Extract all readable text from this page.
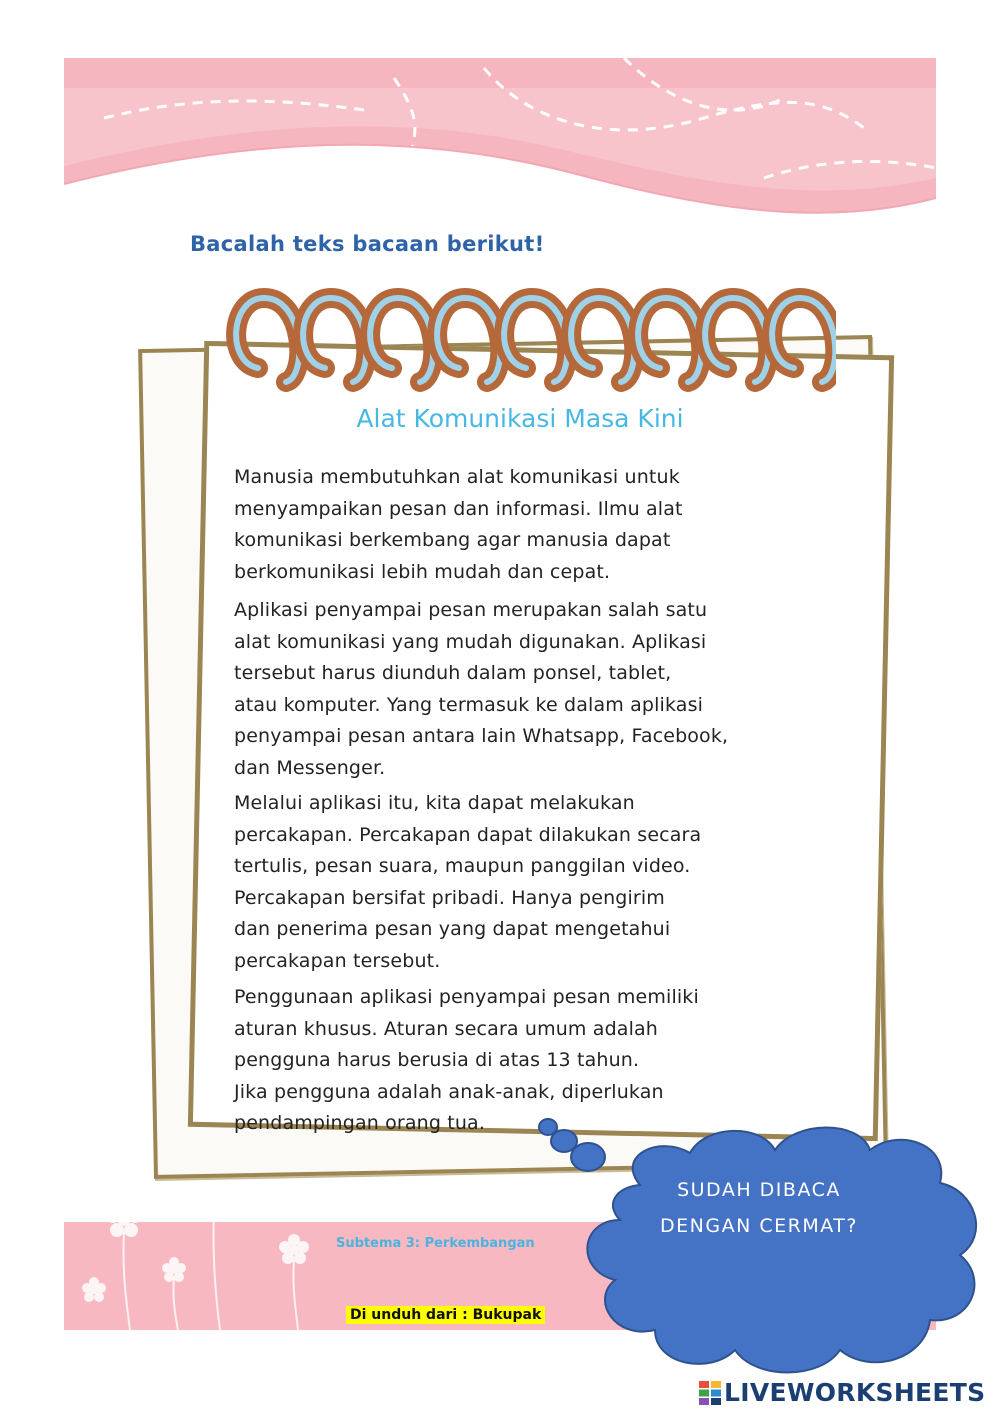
Bacalah teks bacaan berikut!
Alat Komunikasi Masa Kini
Manusia membutuhkan alat komunikasi untuk
menyampaikan pesan dan informasi. Ilmu alat
komunikasi berkembang agar manusia dapat
berkomunikasi lebih mudah dan cepat.
Aplikasi penyampai pesan merupakan salah satu
alat komunikasi yang mudah digunakan. Aplikasi
tersebut harus diunduh dalam ponsel, tablet,
atau komputer. Yang termasuk ke dalam aplikasi
penyampai pesan antara lain Whatsapp, Facebook,
dan Messenger.
Melalui aplikasi itu, kita dapat melakukan
percakapan. Percakapan dapat dilakukan secara
tertulis, pesan suara, maupun panggilan video.
Percakapan bersifat pribadi. Hanya pengirim
dan penerima pesan yang dapat mengetahui
percakapan tersebut.
Penggunaan aplikasi penyampai pesan memiliki
aturan khusus. Aturan secara umum adalah
pengguna harus berusia di atas 13 tahun.
Jika pengguna adalah anak-anak, diperlukan
pendampingan orang tua.
Subtema 3: Perkembangan
Di unduh dari : Bukupak
SUDAH DIBACA
DENGAN CERMAT?
LIVEWORKSHEETS
